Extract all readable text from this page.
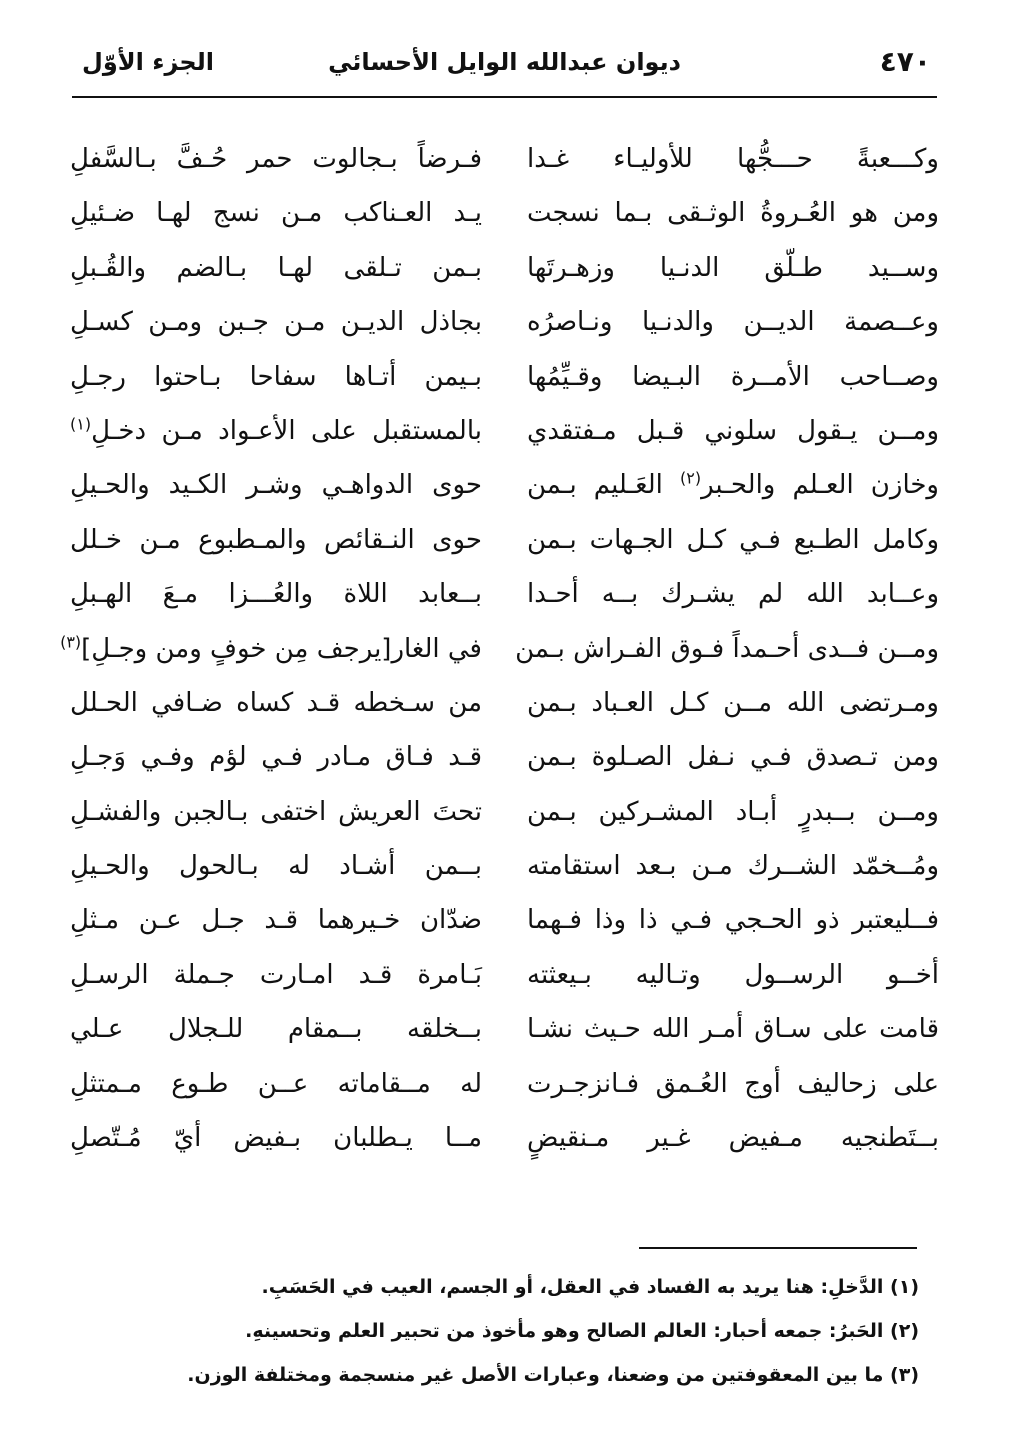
٤٧٠
ديوان عبدالله الوايل الأحسائي
الجزء الأوّل
وكـــعبةً حـــجُّها للأوليـاء غـدا
فـرضاً بـجالوت حمر حُـفَّ بـالسَّفلِ
ومن هو العُـروةُ الوثـقى بـما نسجت
يـد العـناكب مـن نسج لهـا ضـئيلِ
وســيد طـلّق الدنـيا وزهـرتَها
بـمن تـلقى لهـا بـالضم والقُـبلِ
وعــصمة الديــن والدنـيا ونـاصرُه
بجاذل الديـن مـن جـبن ومـن كسـلِ
وصــاحب الأمــرة البـيضا وقـيِّمُها
بـيمن أتـاها سفاحا بـاحتوا رجـلِ
ومــن يـقول سلوني قـبل مـفتقدي
بالمستقبل على الأعـواد مـن دخـلِ$^{(١)}$
وخازن العـلم والحـبر$^{(٢)}$ العَـليم بـمن
حوى الدواهـي وشـر الكـيد والحـيلِ
وكامل الطـبع فـي كـل الجـهات بـمن
حوى النـقائص والمـطبوع مـن خـلل
وعــابد الله لم يشـرك بــه أحـدا
بــعابد اللاة والعُـــزا مـعَ الهـبلِ
ومــن فــدى أحـمداً فـوق الفـراش بـمن
في الغار[يرجف مِن خوفٍ ومن وجـلِ]$^{(٣)}$
ومـرتضى الله مــن كـل العـباد بـمن
من سـخطه قـد كساه ضـافي الحـلل
ومن تـصدق فـي نـفل الصـلوة بـمن
قـد فـاق مـادر فـي لؤم وفـي وَجـلِ
ومــن بــبدرٍ أبـاد المشـركين بـمن
تحتَ العريش اختفى بـالجبن والفشـلِ
ومُــخمّد الشــرك مـن بـعد استقامته
بــمن أشـاد له بـالحول والحـيلِ
فــليعتبر ذو الحـجي فـي ذا وذا فـهما
ضدّان خـيرهما قـد جـل عـن مـثلِ
أخــو الرســول وتـاليه بـيعثته
بَـامرة قـد امـارت جـملة الرسـلِ
قامت على سـاق أمـر الله حـيث نشـا
بــخلقه بــمقام للـجلال عـلي
على زحاليف أوج العُـمق فـانزجـرت
له مــقاماته عــن طـوع مـمتثلِ
بــتَطنجيه مـفيض غـير مـنقيضٍ
مــا يـطلبان بـفيض أيّ مُـتّصلِ
(١) الدَّخلِ: هنا يريد به الفساد في العقل، أو الجسم، العيب في الحَسَبِ.
(٢) الحَبرُ: جمعه أحبار: العالم الصالح وهو مأخوذ من تحبير العلم وتحسينهِ.
(٣) ما بين المعقوفتين من وضعنا، وعبارات الأصل غير منسجمة ومختلفة الوزن.
